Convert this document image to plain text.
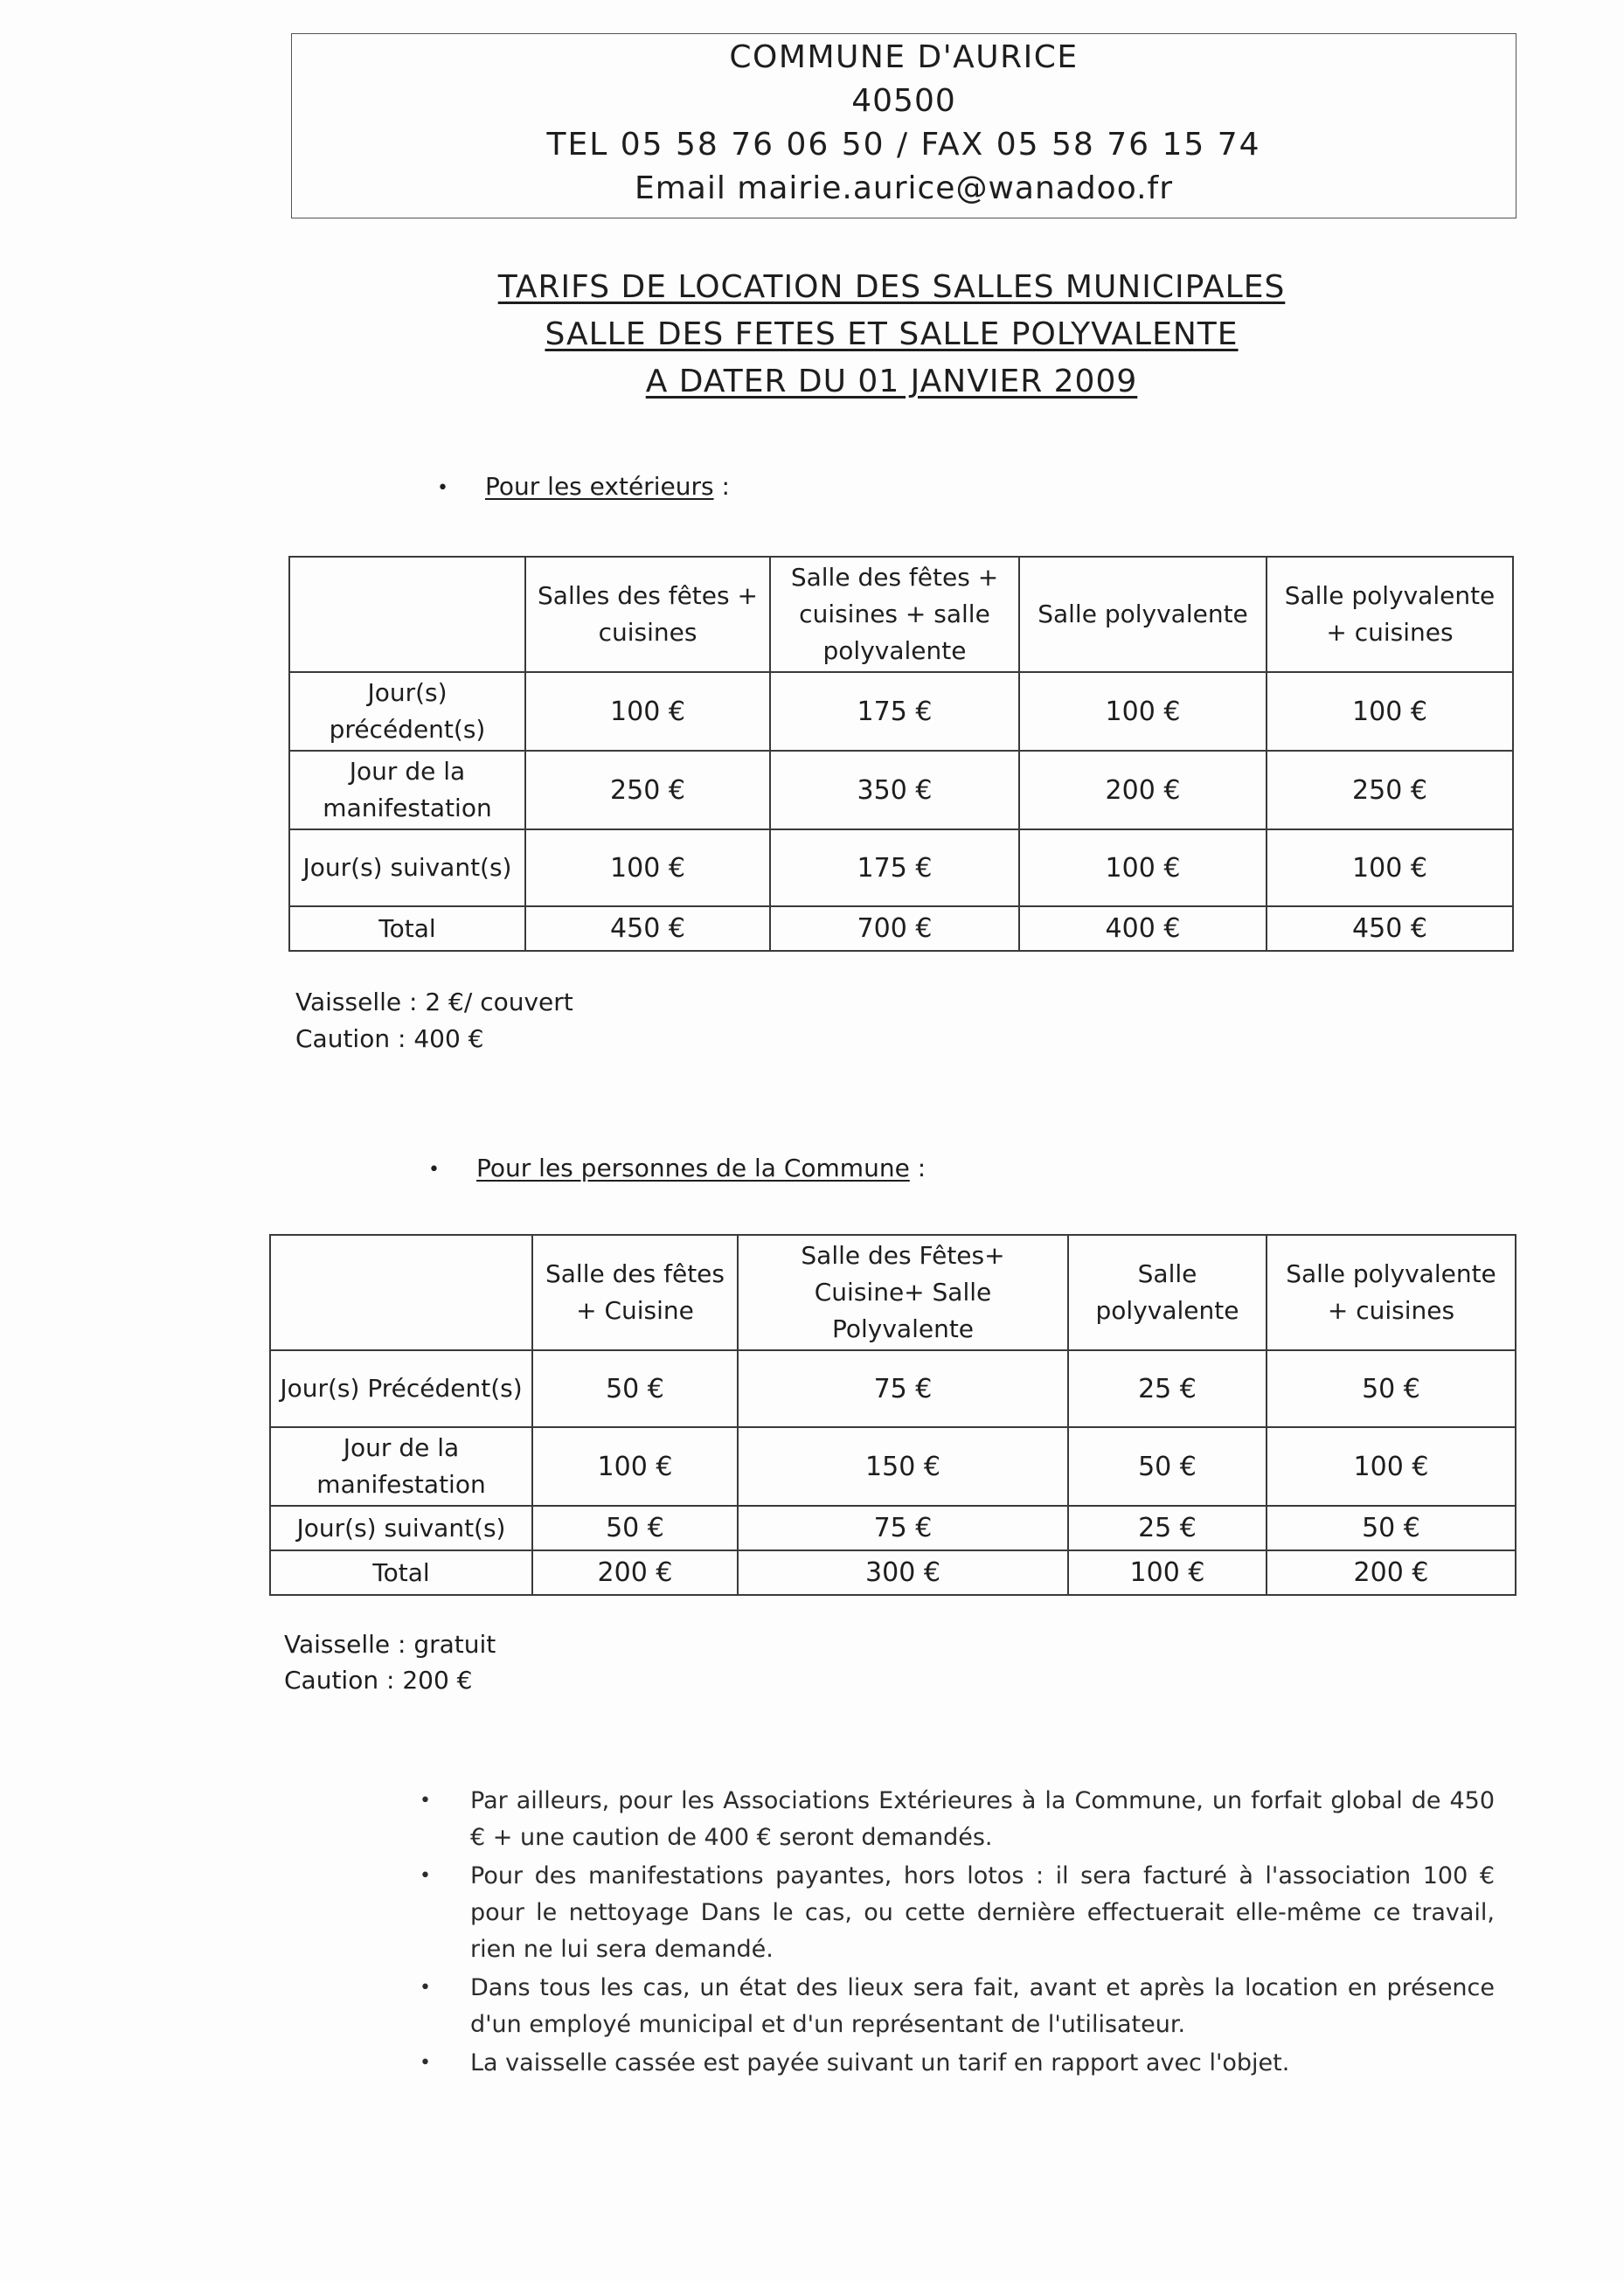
COMMUNE D'AURICE
40500
TEL 05 58 76 06 50 / FAX 05 58 76 15 74
Email mairie.aurice@wanadoo.fr
TARIFS DE LOCATION DES SALLES MUNICIPALES
SALLE DES FETES ET SALLE POLYVALENTE
A DATER DU 01 JANVIER 2009
• Pour les extérieurs :
	Salles des fêtes + cuisines	Salle des fêtes + cuisines + salle polyvalente	Salle polyvalente	Salle polyvalente + cuisines
Jour(s) précédent(s)	100 €	175 €	100 €	100 €
Jour de la manifestation	250 €	350 €	200 €	250 €
Jour(s) suivant(s)	100 €	175 €	100 €	100 €
Total	450 €	700 €	400 €	450 €
Vaisselle : 2 €/ couvert
Caution : 400 €
• Pour les personnes de la Commune :
	Salle des fêtes + Cuisine	Salle des Fêtes+ Cuisine+ Salle Polyvalente	Salle polyvalente	Salle polyvalente + cuisines
Jour(s) Précédent(s)	50 €	75 €	25 €	50 €
Jour de la manifestation	100 €	150 €	50 €	100 €
Jour(s) suivant(s)	50 €	75 €	25 €	50 €
Total	200 €	300 €	100 €	200 €
Vaisselle : gratuit
Caution : 200 €
• Par ailleurs, pour les Associations Extérieures à la Commune, un forfait global de 450 € + une caution de 400 € seront demandés.
• Pour des manifestations payantes, hors lotos : il sera facturé à l'association 100 € pour le nettoyage Dans le cas, ou cette dernière effectuerait elle-même ce travail, rien ne lui sera demandé.
• Dans tous les cas, un état des lieux sera fait, avant et après la location en présence d'un employé municipal et d'un représentant de l'utilisateur.
• La vaisselle cassée est payée suivant un tarif en rapport avec l'objet.
